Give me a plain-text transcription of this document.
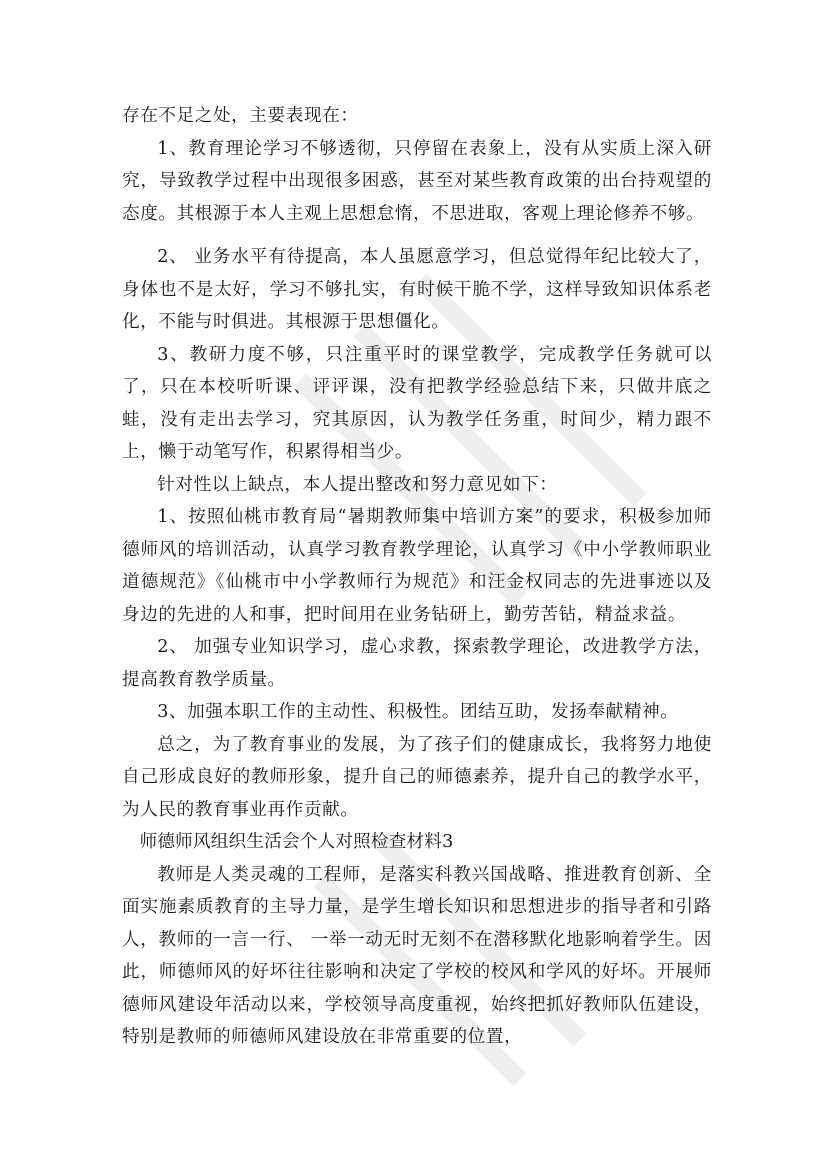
存在不足之处，主要表现在：

1、教育理论学习不够透彻，只停留在表象上，没有从实质上深入研究，导致教学过程中出现很多困惑，甚至对某些教育政策的出台持观望的态度。其根源于本人主观上思想怠惰，不思进取，客观上理论修养不够。

2、 业务水平有待提高，本人虽愿意学习，但总觉得年纪比较大了，身体也不是太好，学习不够扎实，有时候干脆不学，这样导致知识体系老化，不能与时俱进。其根源于思想僵化。

3、教研力度不够，只注重平时的课堂教学，完成教学任务就可以了，只在本校听听课、评评课，没有把教学经验总结下来，只做井底之蛙，没有走出去学习，究其原因，认为教学任务重，时间少，精力跟不上，懒于动笔写作，积累得相当少。

针对性以上缺点，本人提出整改和努力意见如下：

1、按照仙桃市教育局“暑期教师集中培训方案”的要求，积极参加师德师风的培训活动，认真学习教育教学理论，认真学习《中小学教师职业道德规范》《仙桃市中小学教师行为规范》和汪金权同志的先进事迹以及身边的先进的人和事，把时间用在业务钻研上，勤劳苦钻，精益求益。

2、 加强专业知识学习，虚心求教，探索教学理论，改进教学方法，提高教育教学质量。

3、加强本职工作的主动性、积极性。团结互助，发扬奉献精神。

总之，为了教育事业的发展，为了孩子们的健康成长，我将努力地使自己形成良好的教师形象，提升自己的师德素养，提升自己的教学水平，为人民的教育事业再作贡献。

师德师风组织生活会个人对照检查材料3

教师是人类灵魂的工程师，是落实科教兴国战略、推进教育创新、全面实施素质教育的主导力量，是学生增长知识和思想进步的指导者和引路人，教师的一言一行、 一举一动无时无刻不在潜移默化地影响着学生。因此，师德师风的好坏往往影响和决定了学校的校风和学风的好坏。开展师德师风建设年活动以来，学校领导高度重视，始终把抓好教师队伍建设，特别是教师的师德师风建设放在非常重要的位置，
